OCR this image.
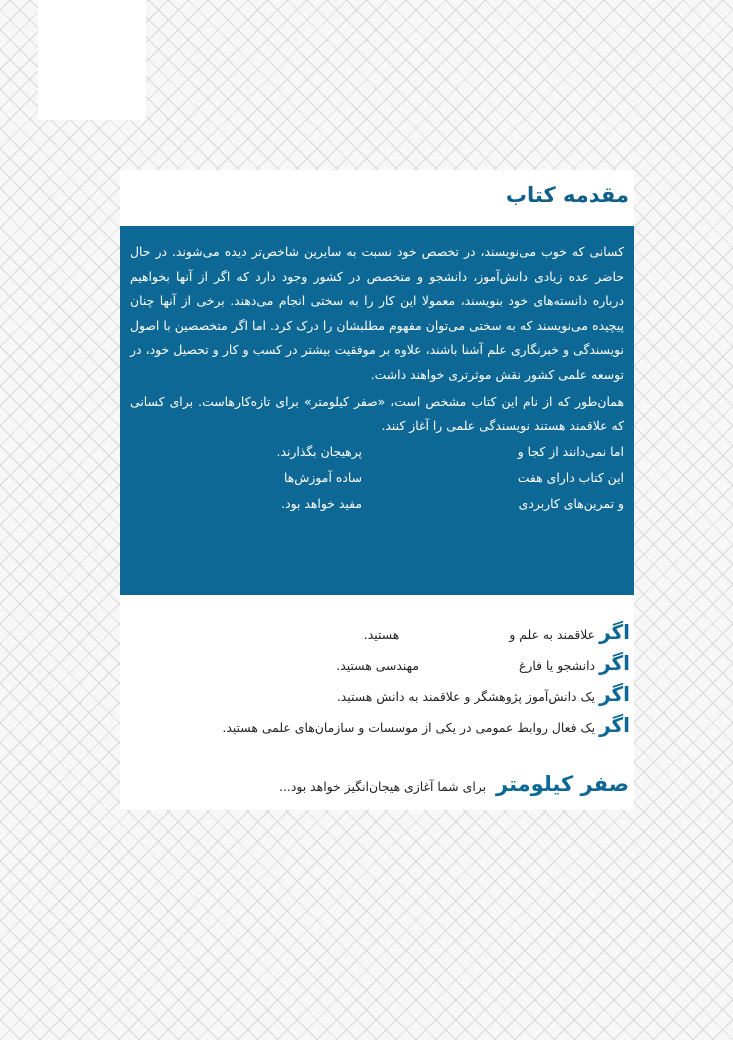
مقدمه کتاب

کسانی که خوب می‌نویسند، در تخصص خود نسبت به سایرین شاخص‌تر دیده می‌شوند. در حال حاضر عده زیادی دانش‌آموز، دانشجو و متخصص در کشور وجود دارد که اگر از آنها بخواهیم درباره دانسته‌های خود بنویسند، معمولا این کار را به سختی انجام می‌دهند. برخی از آنها چنان پیچیده می‌نویسند که به سختی می‌توان مفهوم مطلبشان را درک کرد. اما اگر متخصصین با اصول نویسندگی و خبرنگاری علم آشنا باشند، علاوه بر موفقیت بیشتر در کسب و کار و تحصیل خود، در توسعه علمی کشور نقش موثرتری خواهند داشت.

همان‌طور که از نام این کتاب مشخص است، «صفر کیلومتر» برای تازه‌کارهاست. برای کسانی که علاقمند هستند نویسندگی علمی را آغاز کنند.

اما نمی‌دانند از کجا و
پرهیجان بگذارند.
این کتاب دارای هفت
ساده آموزش‌ها
و تمرین‌های کاربردی
مفید خواهد بود.
اگر
علاقمند به علم و
هستید.
اگر
دانشجو یا فارغ
مهندسی هستید.
اگر
یک دانش‌آموز پژوهشگر و علاقمند به دانش هستید.
اگر
یک فعال روابط عمومی در یکی از موسسات و سازمان‌های علمی هستید.
صفر کیلومتر
برای شما آغازی هیجان‌انگیز خواهد بود...
